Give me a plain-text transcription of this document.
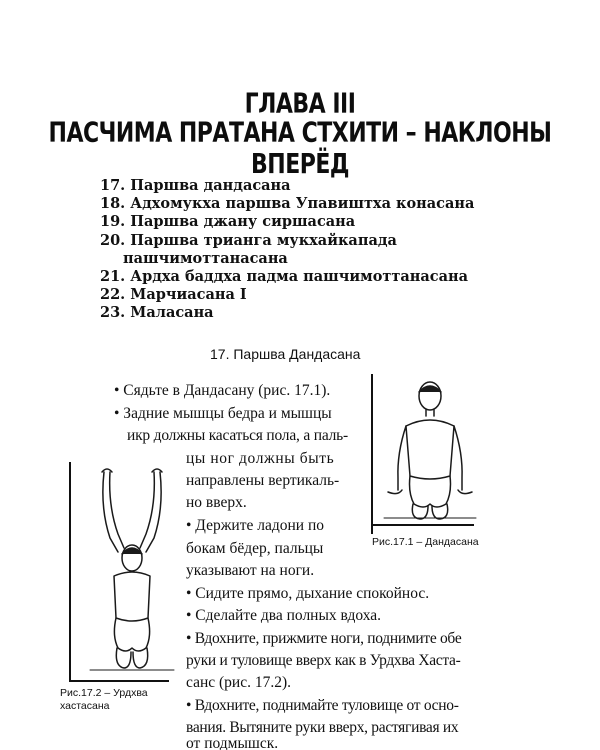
ГЛАВА III
ПАСЧИМА ПРАТАНА СТХИТИ – НАКЛОНЫ ВПЕРЁД
17. Паршва дандасана
18. Адхомукха паршва Упавиштха конасана
19. Паршва джану сиршасана
20. Паршва трианга мукхайкапада
пашчимоттанасана
21. Ардха баддха падма пашчимоттанасана
22. Марчиасана I
23. Маласана
17. Паршва Дандасана
• Сядьте в Дандасану (рис. 17.1).
• Задние мышцы бедра и мышцы
икр должны касаться пола, а паль-
цы ног должны быть
направлены вертикаль-
но вверх.
• Держите ладони по
бокам бёдер, пальцы
указывают на ноги.
• Сидите прямо, дыхание спокойнос.
• Сделайте два полных вдоха.
• Вдохните, прижмите ноги, поднимите обе
руки и туловище вверх как в Урдхва Хаста-
санс (рис. 17.2).
• Вдохните, поднимайте туловище от осно-
вания. Вытяните руки вверх, растягивая их
от подмышск.
Рис.17.1 – Дандасана
Рис.17.2 – Урдхва
хастасана
